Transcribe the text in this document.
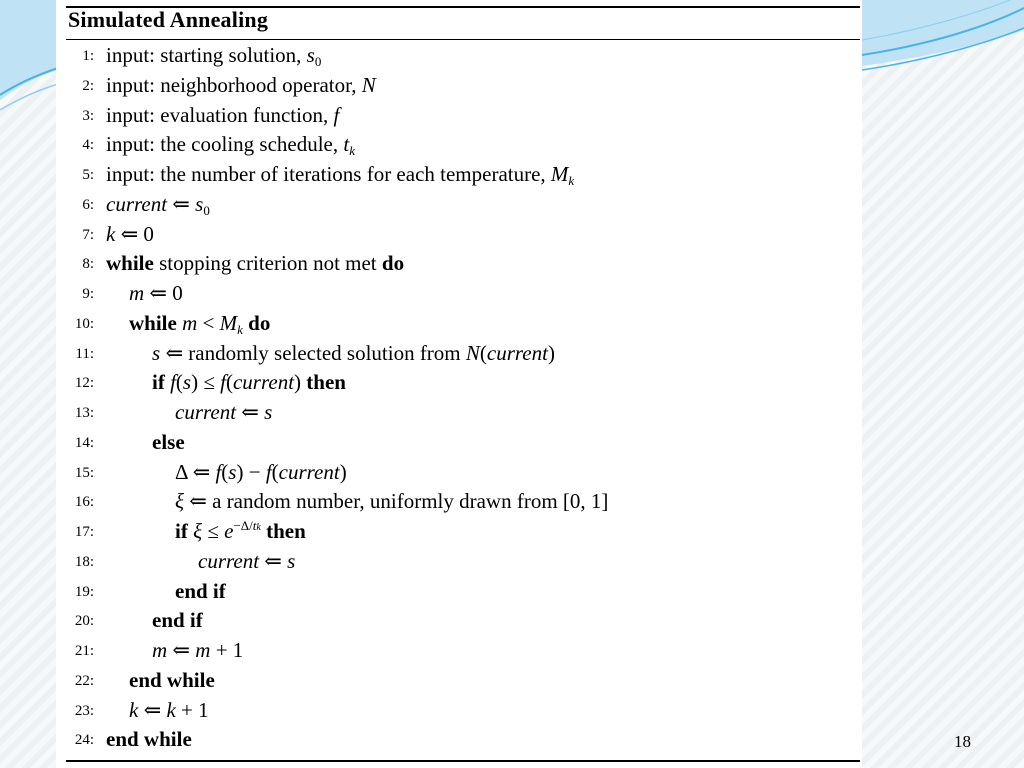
Simulated Annealing
1: input: starting solution, $s_0$
2: input: neighborhood operator, N
3: input: evaluation function, f
4: input: the cooling schedule, $t_k$
5: input: the number of iterations for each temperature, $M_k$
6: current ⇐ $s_0$
7: k ⇐ 0
8: while stopping criterion not met do
9: m ⇐ 0
10: while $m < M_k$ do
11:	s ⇐ randomly selected solution from N(current)
12:	if f(s) ≤ f(current) then
13:	current ⇐ s
14:	else
15:	Δ ⇐ f(s) − f(current)
16:	ξ ⇐ a random number, uniformly drawn from [0, 1]
17:	if $\xi \le e^{-\Delta/tk}$ then
18:	current ⇐ s
19:	end if
20:	end if
21:	m ⇐ m + 1
22: end while
23: k ⇐ k + 1
24: end while	18
